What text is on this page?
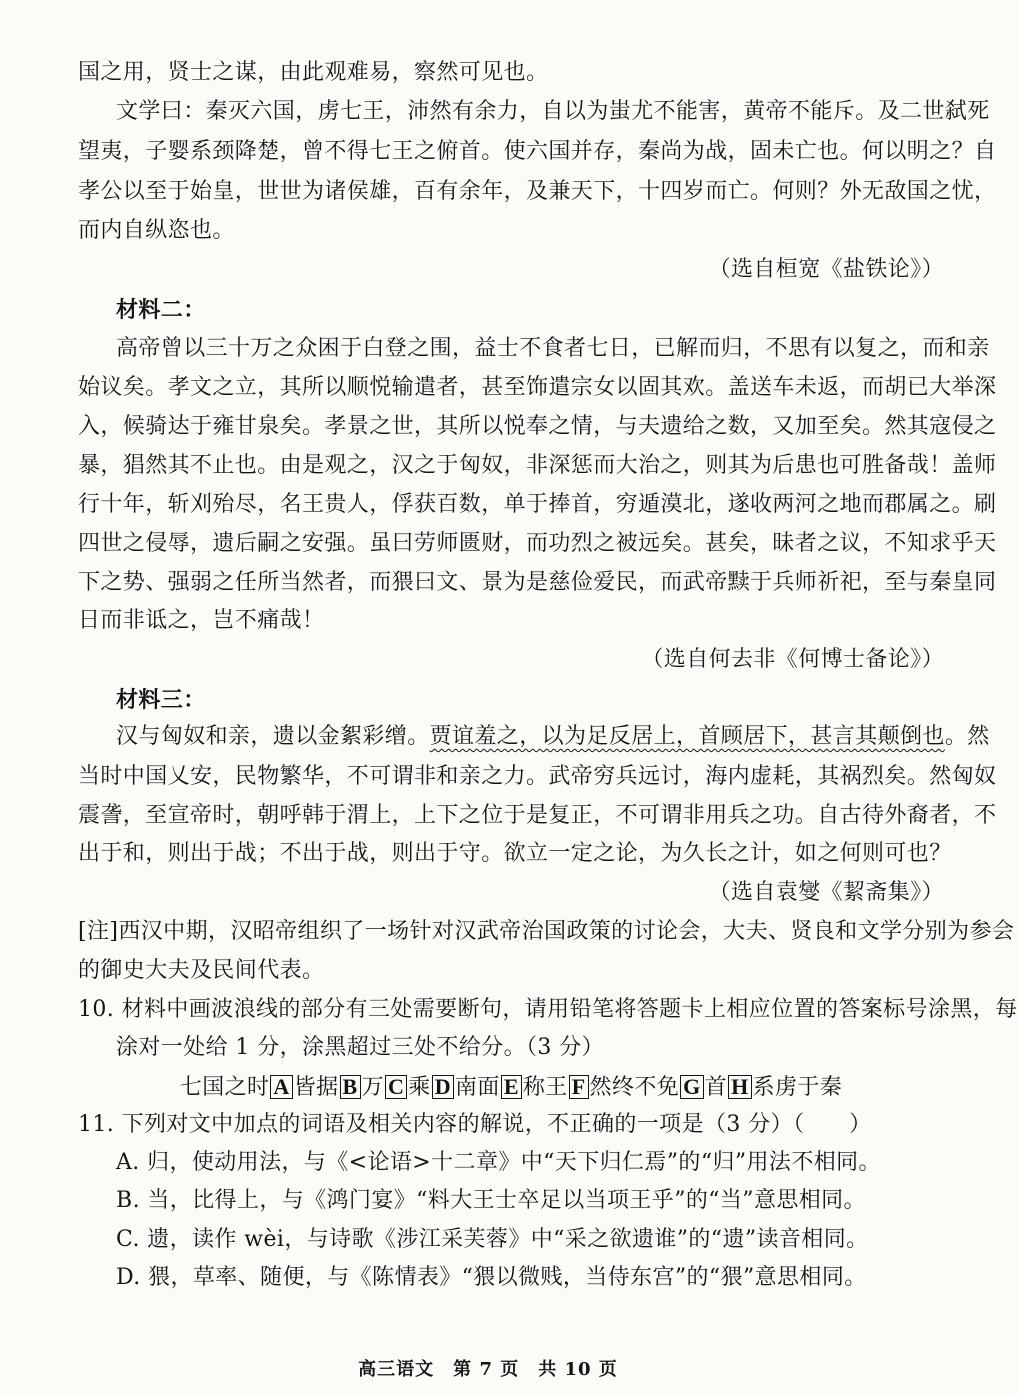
国之用，贤士之谋，由此观难易，察然可见也。
文学曰：秦灭六国，虏七王，沛然有余力，自以为蚩尤不能害，黄帝不能斥。及二世弑死
望夷，子婴系颈降楚，曾不得七王之俯首。使六国并存，秦尚为战，固未亡也。何以明之？自
孝公以至于始皇，世世为诸侯雄，百有余年，及兼天下，十四岁而亡。何则？外无敌国之忧，
而内自纵恣也。
（选自桓宽《盐铁论》）
材料二：
高帝曾以三十万之众困于白登之围，益士不食者七日，已解而归，不思有以复之，而和亲
始议矣。孝文之立，其所以顺悦输遣者，甚至饰遣宗女以固其欢。盖送车未返，而胡已大举深
入，候骑达于雍甘泉矣。孝景之世，其所以悦奉之情，与夫遗给之数，又加至矣。然其寇侵之
暴，猖然其不止也。由是观之，汉之于匈奴，非深惩而大治之，则其为后患也可胜备哉！盖师
行十年，斩刈殆尽，名王贵人，俘获百数，单于捧首，穷遁漠北，遂收两河之地而郡属之。刷
四世之侵辱，遗后嗣之安强。虽曰劳师匮财，而功烈之被远矣。甚矣，昧者之议，不知求乎天
下之势、强弱之任所当然者，而猥曰文、景为是慈俭爱民，而武帝黩于兵师祈祀，至与秦皇同
日而非诋之，岂不痛哉！
（选自何去非《何博士备论》）
材料三：
汉与匈奴和亲，遗以金絮彩缯。贾谊羞之，以为足反居上，首顾居下，甚言其颠倒也。然
当时中国乂安，民物繁华，不可谓非和亲之力。武帝穷兵远讨，海内虚耗，其祸烈矣。然匈奴
震詟，至宣帝时，朝呼韩于渭上，上下之位于是复正，不可谓非用兵之功。自古待外裔者，不
出于和，则出于战；不出于战，则出于守。欲立一定之论，为久长之计，如之何则可也？
（选自袁燮《絜斋集》）
[注]西汉中期，汉昭帝组织了一场针对汉武帝治国政策的讨论会，大夫、贤良和文学分别为参会
的御史大夫及民间代表。
10. 材料中画波浪线的部分有三处需要断句，请用铅笔将答题卡上相应位置的答案标号涂黑，每
涂对一处给 1 分，涂黑超过三处不给分。（3 分）
七国之时 A 皆据 B 万 C 乘 D 南面 E 称王 F 然终不免 G 首 H 系虏于秦
11. 下列对文中加点的词语及相关内容的解说，不正确的一项是（3 分）（　　）
A. 归，使动用法，与《<论语>十二章》中“天下归仁焉”的“归”用法不相同。
B. 当，比得上，与《鸿门宴》“料大王士卒足以当项王乎”的“当”意思相同。
C. 遗，读作 wèi，与诗歌《涉江采芙蓉》中“采之欲遗谁”的“遗”读音相同。
D. 猥，草率、随便，与《陈情表》“猥以微贱，当侍东宫”的“猥”意思相同。
高三语文　第 7 页　共 10 页
